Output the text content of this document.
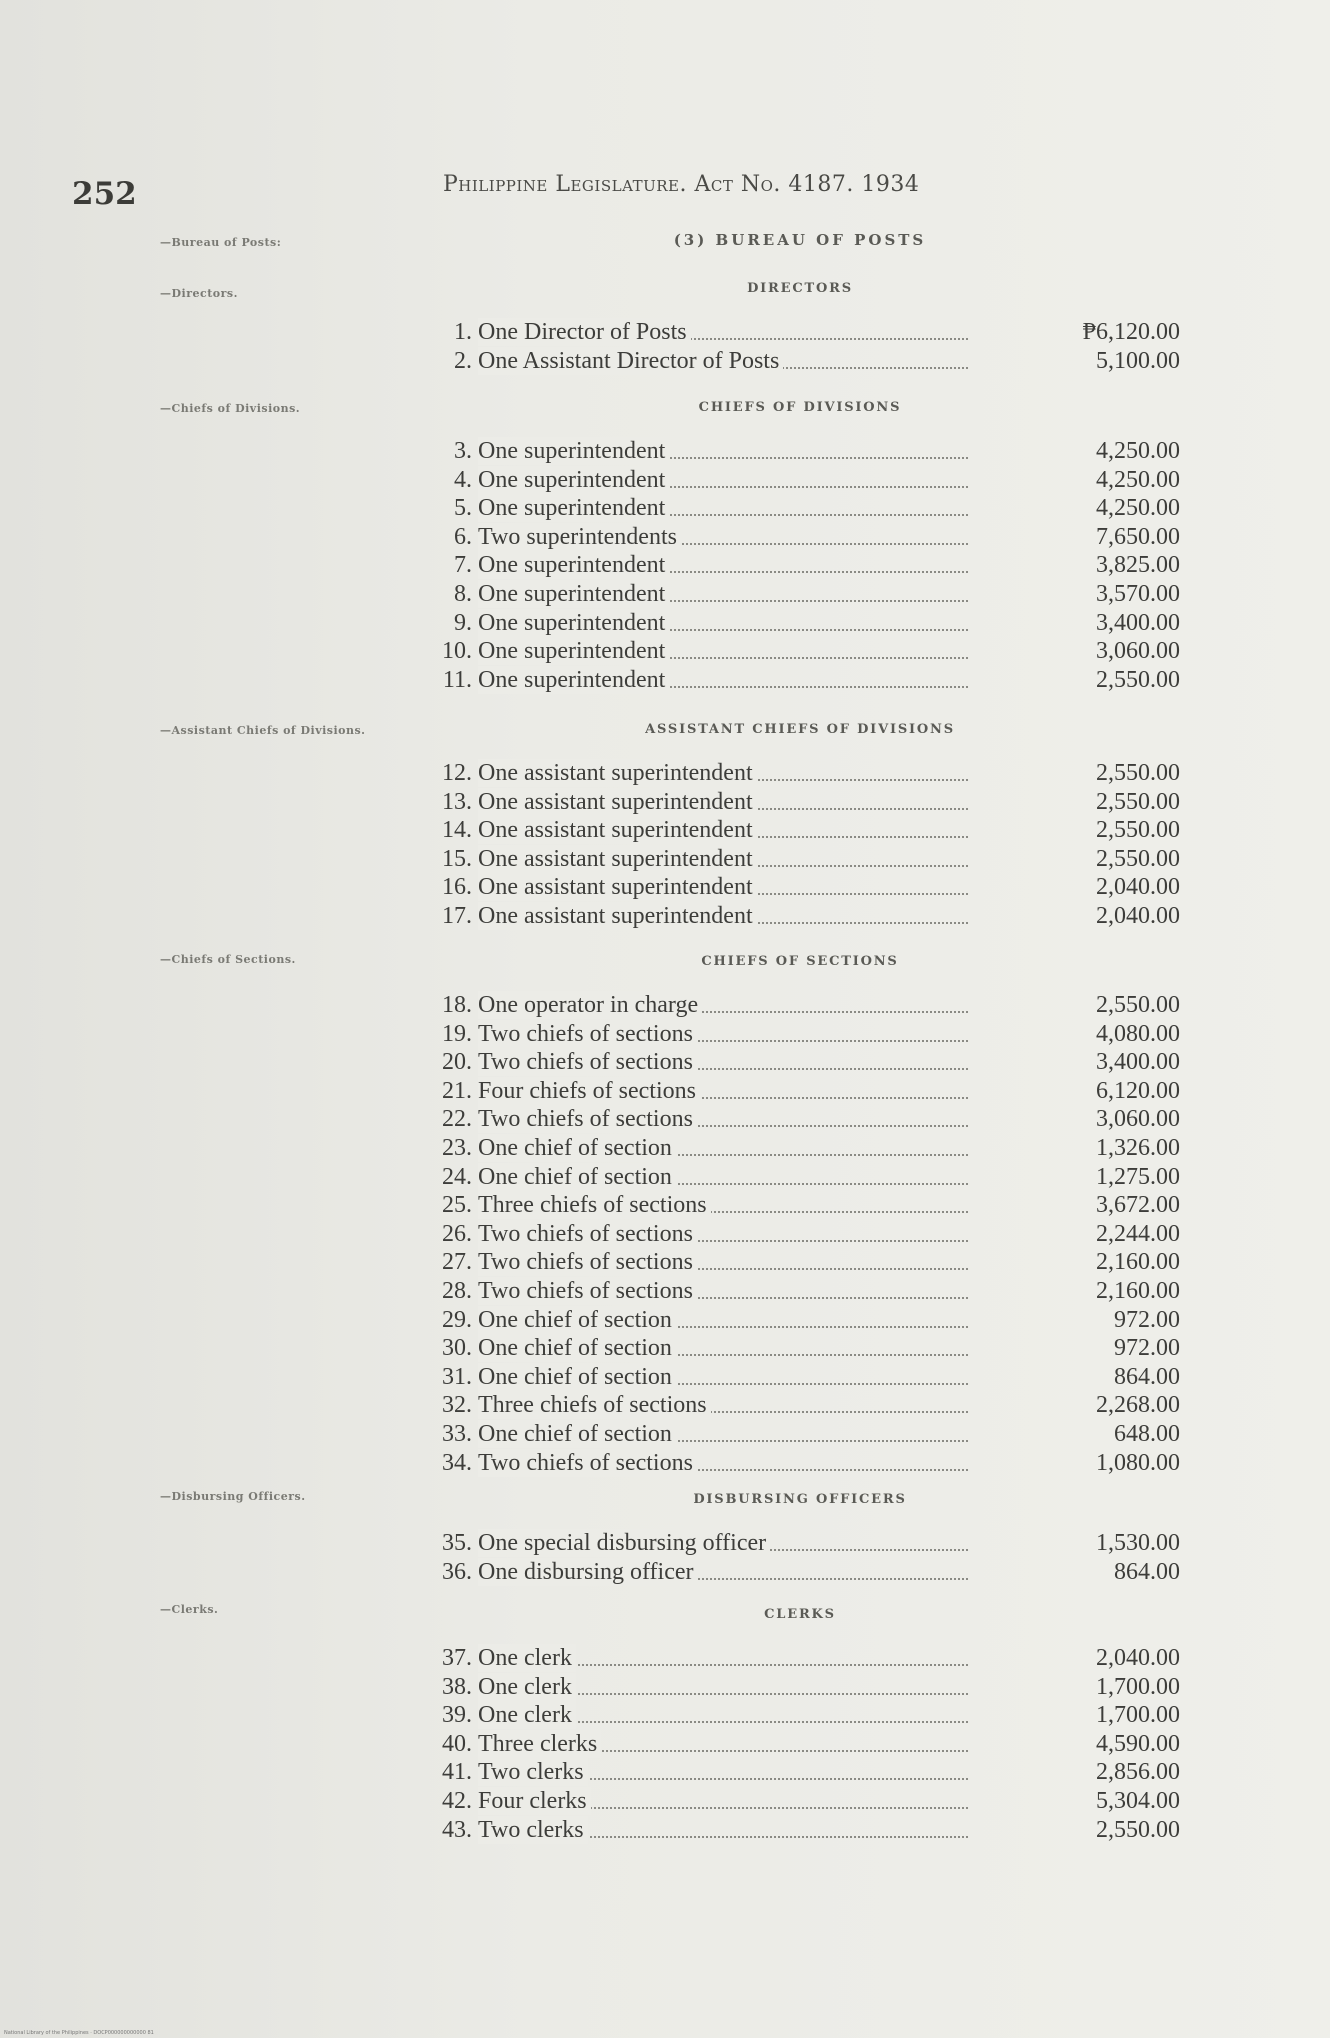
252	Philippine Legislature. Act No. 4187. 1934
(3) BUREAU OF POSTS
—Bureau of Posts:
—Directors.
—Chiefs of Divisions.
—Assistant Chiefs of Divisions.
—Chiefs of Sections.
—Disbursing Officers.
—Clerks.
DIRECTORS
1. One Director of Posts	₱6,120.00
2. One Assistant Director of Posts	5,100.00
CHIEFS OF DIVISIONS
3. One superintendent	4,250.00
4. One superintendent	4,250.00
5. One superintendent	4,250.00
6. Two superintendents	7,650.00
7. One superintendent	3,825.00
8. One superintendent	3,570.00
9. One superintendent	3,400.00
10. One superintendent	3,060.00
11. One superintendent	2,550.00
ASSISTANT CHIEFS OF DIVISIONS
12. One assistant superintendent	2,550.00
13. One assistant superintendent	2,550.00
14. One assistant superintendent	2,550.00
15. One assistant superintendent	2,550.00
16. One assistant superintendent	2,040.00
17. One assistant superintendent	2,040.00
CHIEFS OF SECTIONS
18. One operator in charge	2,550.00
19. Two chiefs of sections	4,080.00
20. Two chiefs of sections	3,400.00
21. Four chiefs of sections	6,120.00
22. Two chiefs of sections	3,060.00
23. One chief of section	1,326.00
24. One chief of section	1,275.00
25. Three chiefs of sections	3,672.00
26. Two chiefs of sections	2,244.00
27. Two chiefs of sections	2,160.00
28. Two chiefs of sections	2,160.00
29. One chief of section	972.00
30. One chief of section	972.00
31. One chief of section	864.00
32. Three chiefs of sections	2,268.00
33. One chief of section	648.00
34. Two chiefs of sections	1,080.00
DISBURSING OFFICERS
35. One special disbursing officer	1,530.00
36. One disbursing officer	864.00
CLERKS
37. One clerk	2,040.00
38. One clerk	1,700.00
39. One clerk	1,700.00
40. Three clerks	4,590.00
41. Two clerks	2,856.00
42. Four clerks	5,304.00
43. Two clerks	2,550.00
National Library of the Philippines · DOCP000000000000 81
